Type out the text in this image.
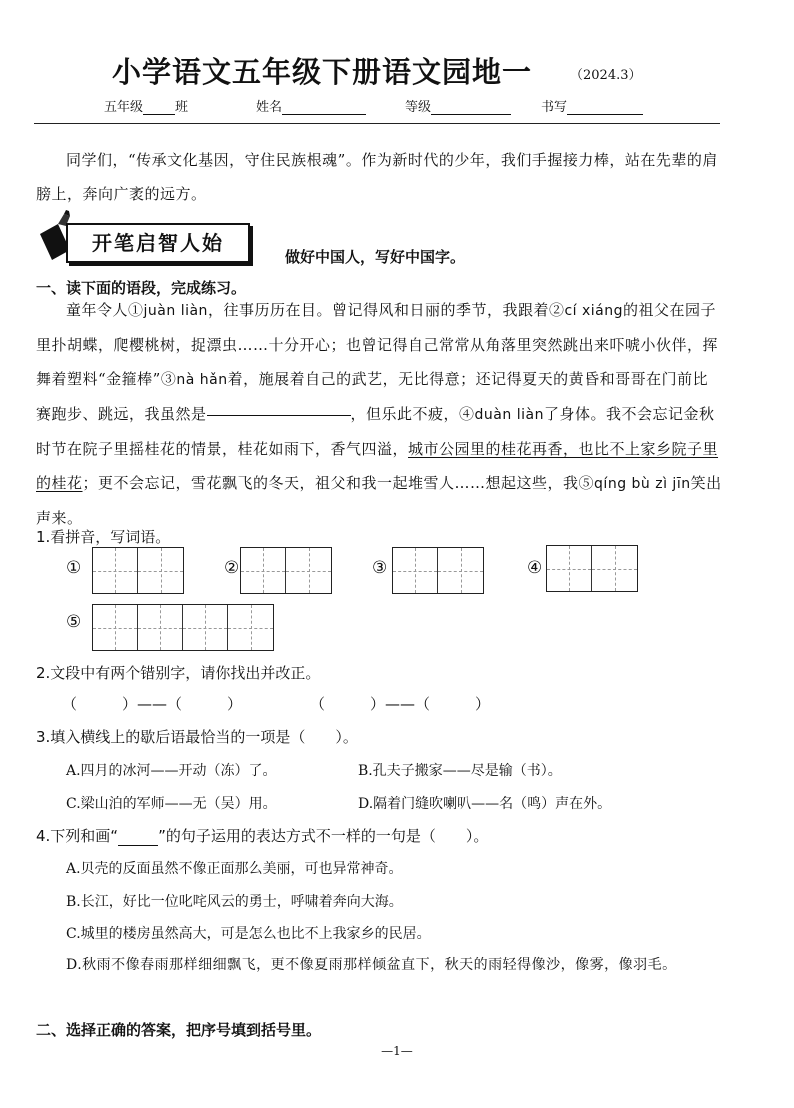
小学语文五年级下册语文园地一	（2024.3）
五年级 班	姓名	等级	书写
同学们，“传承文化基因，守住民族根魂”。作为新时代的少年，我们手握接力棒，站在先辈的肩膀上，奔向广袤的远方。
开笔启智人始
做好中国人，写好中国字。
一、读下面的语段，完成练习。
童年令人①juàn liàn，往事历历在目。曾记得风和日丽的季节，我跟着②cí xiáng的祖父在园子里扑胡蝶，爬樱桃树，捉漂虫……十分开心；也曾记得自己常常从角落里突然跳出来吓唬小伙伴，挥舞着塑料“金箍棒”③nà hǎn着，施展着自己的武艺，无比得意；还记得夏天的黄昏和哥哥在门前比赛跑步、跳远，我虽然是	，但乐此不疲，④duàn liàn了身体。我不会忘记金秋时节在院子里摇桂花的情景，桂花如雨下，香气四溢，城市公园里的桂花再香，也比不上家乡院子里的桂花；更不会忘记，雪花飘飞的冬天，祖父和我一起堆雪人……想起这些，我⑤qíng bù zì jīn笑出声来。
1.看拼音，写词语。
①	②	③	④
⑤
2.文段中有两个错别字，请你找出并改正。
（　　　）——（　　　）	（　　　）——（　　　）
3.填入横线上的歇后语最恰当的一项是（　　）。
A.四月的冰河——开动（冻）了。	B.孔夫子搬家——尽是输（书）。
C.梁山泊的军师——无（吴）用。	D.隔着门缝吹喇叭——名（鸣）声在外。
4.下列和画“	”的句子运用的表达方式不一样的一句是（　　）。
A.贝壳的反面虽然不像正面那么美丽，可也异常神奇。
B.长江，好比一位叱咤风云的勇士，呼啸着奔向大海。
C.城里的楼房虽然高大，可是怎么也比不上我家乡的民居。
D.秋雨不像春雨那样细细飘飞，更不像夏雨那样倾盆直下，秋天的雨轻得像沙，像雾，像羽毛。
二、选择正确的答案，把序号填到括号里。
—1—
